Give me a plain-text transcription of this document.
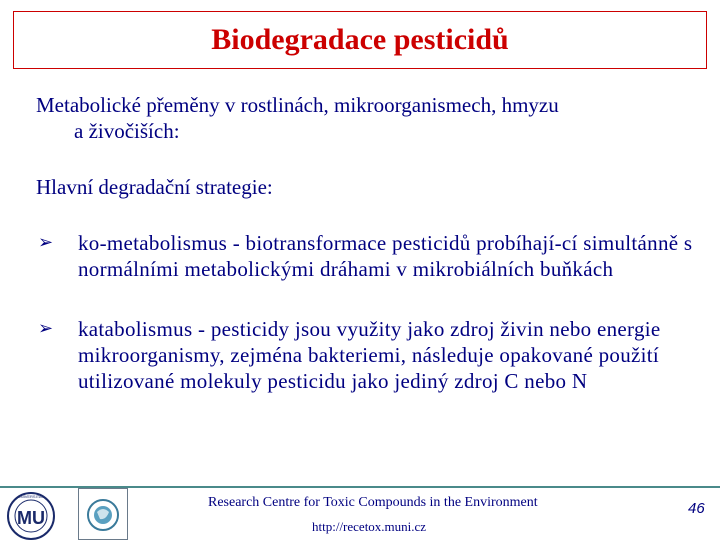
Biodegradace pesticidů

Metabolické přeměny v rostlinách, mikroorganismech, hmyzu

a živočiších:

Hlavní degradační strategie:

➢	ko-metabolismus - biotransformace pesticidů probíhají-cí simultánně s normálními metabolickými dráhami v mikrobiálních buňkách
➢	katabolismus - pesticidy jsou využity jako zdroj živin nebo energie mikroorganismy, zejména bakteriemi, následuje opakované použití utilizované molekuly pesticidu jako jediný zdroj C nebo N
MU
UNIVERSITAS	Research Centre for Toxic Compounds in the Environment
http://recetox.muni.cz
46
